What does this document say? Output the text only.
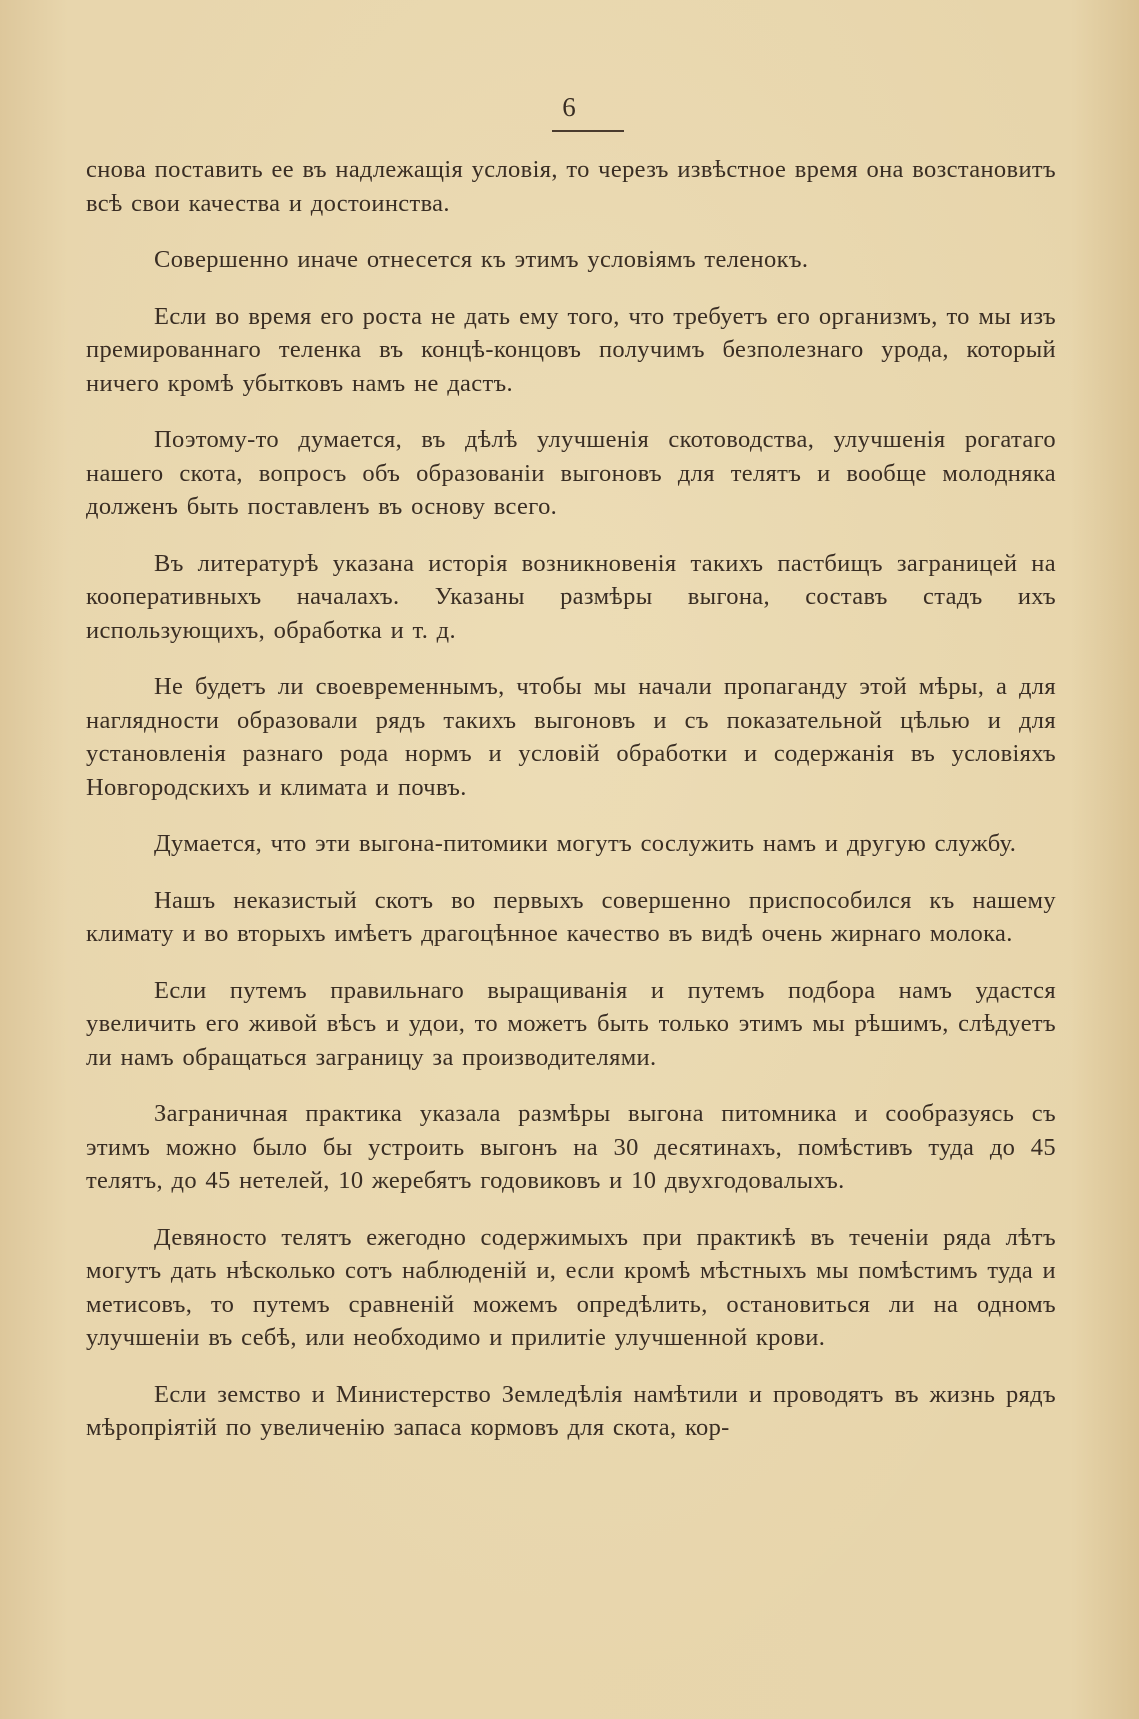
6

снова поставить ее въ надлежащія условія, то черезъ извѣстное время она возстановитъ всѣ свои качества и достоинства.

Совершенно иначе отнесется къ этимъ условіямъ теленокъ.

Если во время его роста не дать ему того, что требуетъ его организмъ, то мы изъ премированнаго теленка въ концѣ-концовъ получимъ безполезнаго урода, который ничего кромѣ убытковъ намъ не дастъ.

Поэтому-то думается, въ дѣлѣ улучшенія скотоводства, улучшенія рогатаго нашего скота, вопросъ объ образованіи выгоновъ для телятъ и вообще молодняка долженъ быть поставленъ въ основу всего.

Въ литературѣ указана исторія возникновенія такихъ пастбищъ заграницей на кооперативныхъ началахъ. Указаны размѣры выгона, составъ стадъ ихъ использующихъ, обработка и т. д.

Не будетъ ли своевременнымъ, чтобы мы начали пропаганду этой мѣры, а для наглядности образовали рядъ такихъ выгоновъ и съ показательной цѣлью и для установленія разнаго рода нормъ и условій обработки и содержанія въ условіяхъ Новгородскихъ и климата и почвъ.

Думается, что эти выгона-питомики могутъ сослужить намъ и другую службу.

Нашъ неказистый скотъ во первыхъ совершенно приспособился къ нашему климату и во вторыхъ имѣетъ драгоцѣнное качество въ видѣ очень жирнаго молока.

Если путемъ правильнаго выращиванія и путемъ подбора намъ удастся увеличить его живой вѣсъ и удои, то можетъ быть только этимъ мы рѣшимъ, слѣдуетъ ли намъ обращаться заграницу за производителями.

Заграничная практика указала размѣры выгона питомника и сообразуясь съ этимъ можно было бы устроить выгонъ на 30 десятинахъ, помѣстивъ туда до 45 телятъ, до 45 нетелей, 10 жеребятъ годовиковъ и 10 двухгодовалыхъ.

Девяносто телятъ ежегодно содержимыхъ при практикѣ въ теченіи ряда лѣтъ могутъ дать нѣсколько сотъ наблюденій и, если кромѣ мѣстныхъ мы помѣстимъ туда и метисовъ, то путемъ сравненій можемъ опредѣлить, остановиться ли на одномъ улучшеніи въ себѣ, или необходимо и прилитіе улучшенной крови.

Если земство и Министерство Земледѣлія намѣтили и проводятъ въ жизнь рядъ мѣропріятій по увеличенію запаса кормовъ для скота, кор-
